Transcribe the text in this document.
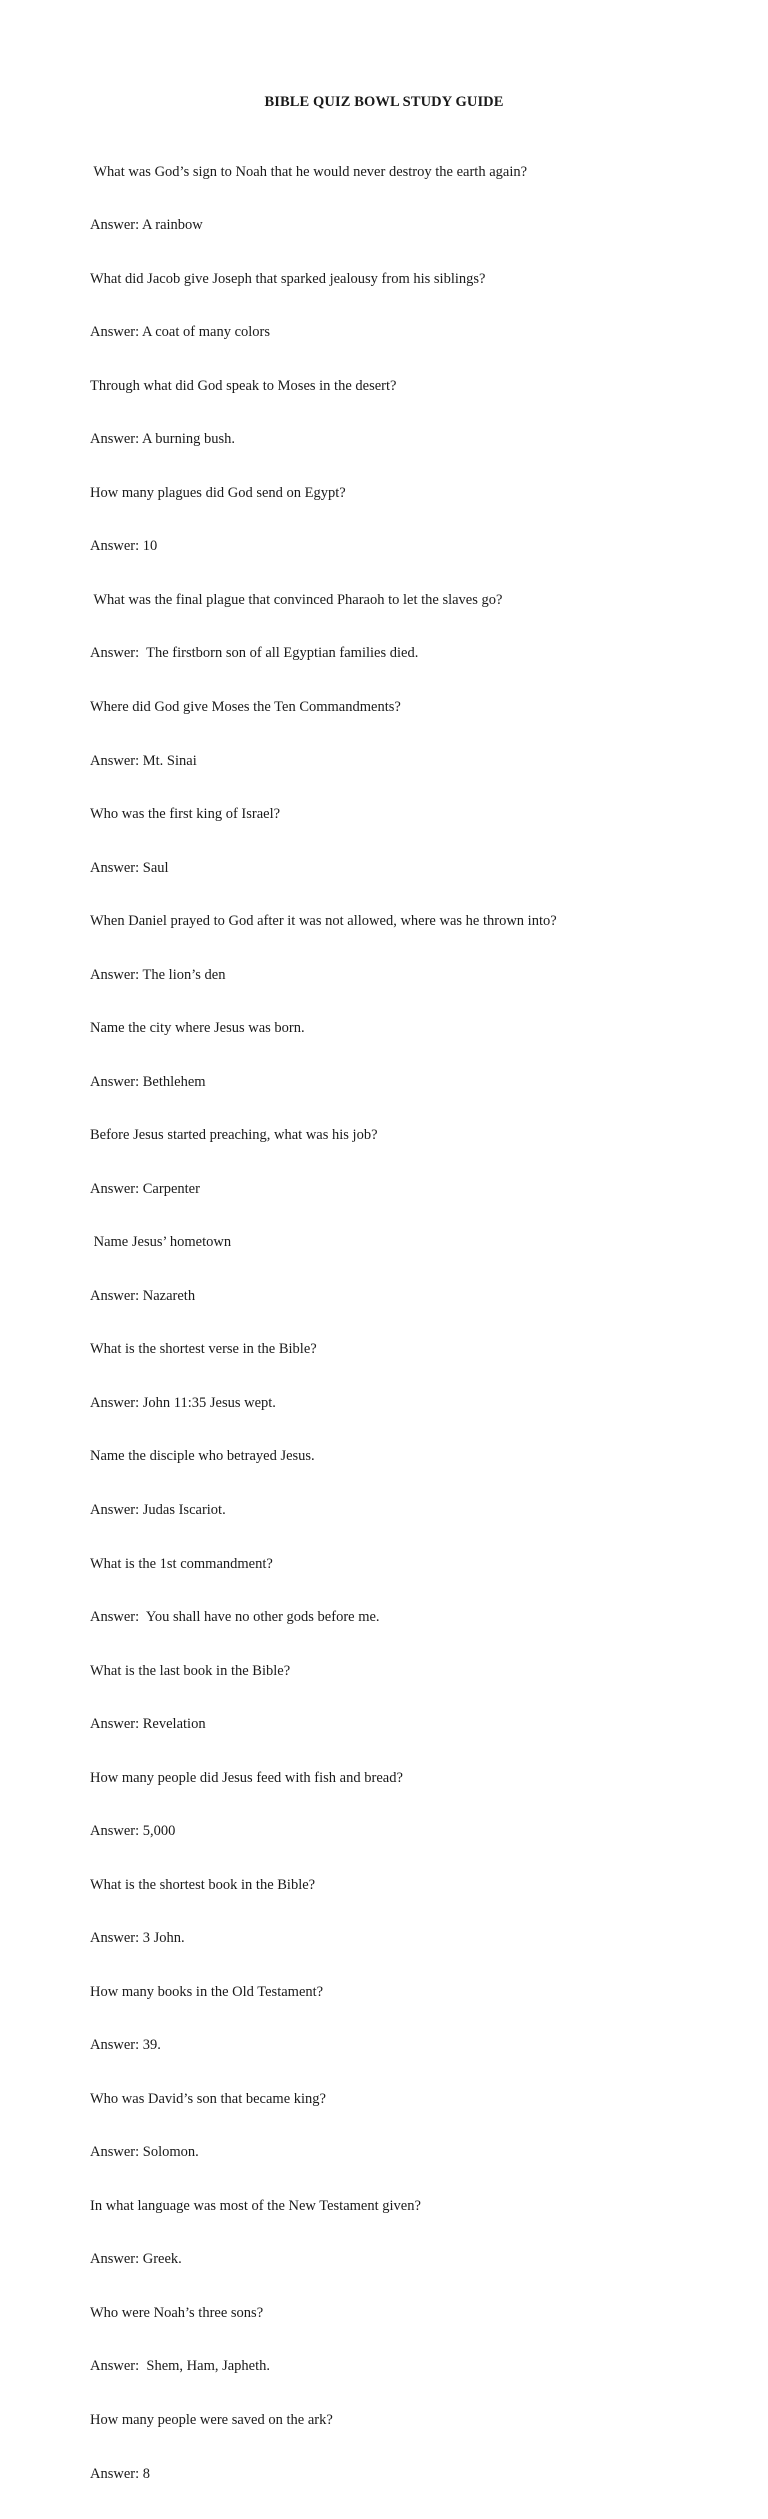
BIBLE QUIZ BOWL STUDY GUIDE

What was God’s sign to Noah that he would never destroy the earth again?

Answer: A rainbow

What did Jacob give Joseph that sparked jealousy from his siblings?

Answer: A coat of many colors

Through what did God speak to Moses in the desert?

Answer: A burning bush.

How many plagues did God send on Egypt?

Answer: 10

What was the final plague that convinced Pharaoh to let the slaves go?

Answer:  The firstborn son of all Egyptian families died.

Where did God give Moses the Ten Commandments?

Answer: Mt. Sinai

Who was the first king of Israel?

Answer: Saul

When Daniel prayed to God after it was not allowed, where was he thrown into?

Answer: The lion’s den

Name the city where Jesus was born.

Answer: Bethlehem

Before Jesus started preaching, what was his job?

Answer: Carpenter

Name Jesus’ hometown

Answer: Nazareth

What is the shortest verse in the Bible?

Answer: John 11:35 Jesus wept.

Name the disciple who betrayed Jesus.

Answer: Judas Iscariot.

What is the 1st commandment?

Answer:  You shall have no other gods before me.

What is the last book in the Bible?

Answer: Revelation

How many people did Jesus feed with fish and bread?

Answer: 5,000

What is the shortest book in the Bible?

Answer: 3 John.

How many books in the Old Testament?

Answer: 39.

Who was David’s son that became king?

Answer: Solomon.

In what language was most of the New Testament given?

Answer: Greek.

Who were Noah’s three sons?

Answer:  Shem, Ham, Japheth.

How many people were saved on the ark?

Answer: 8
